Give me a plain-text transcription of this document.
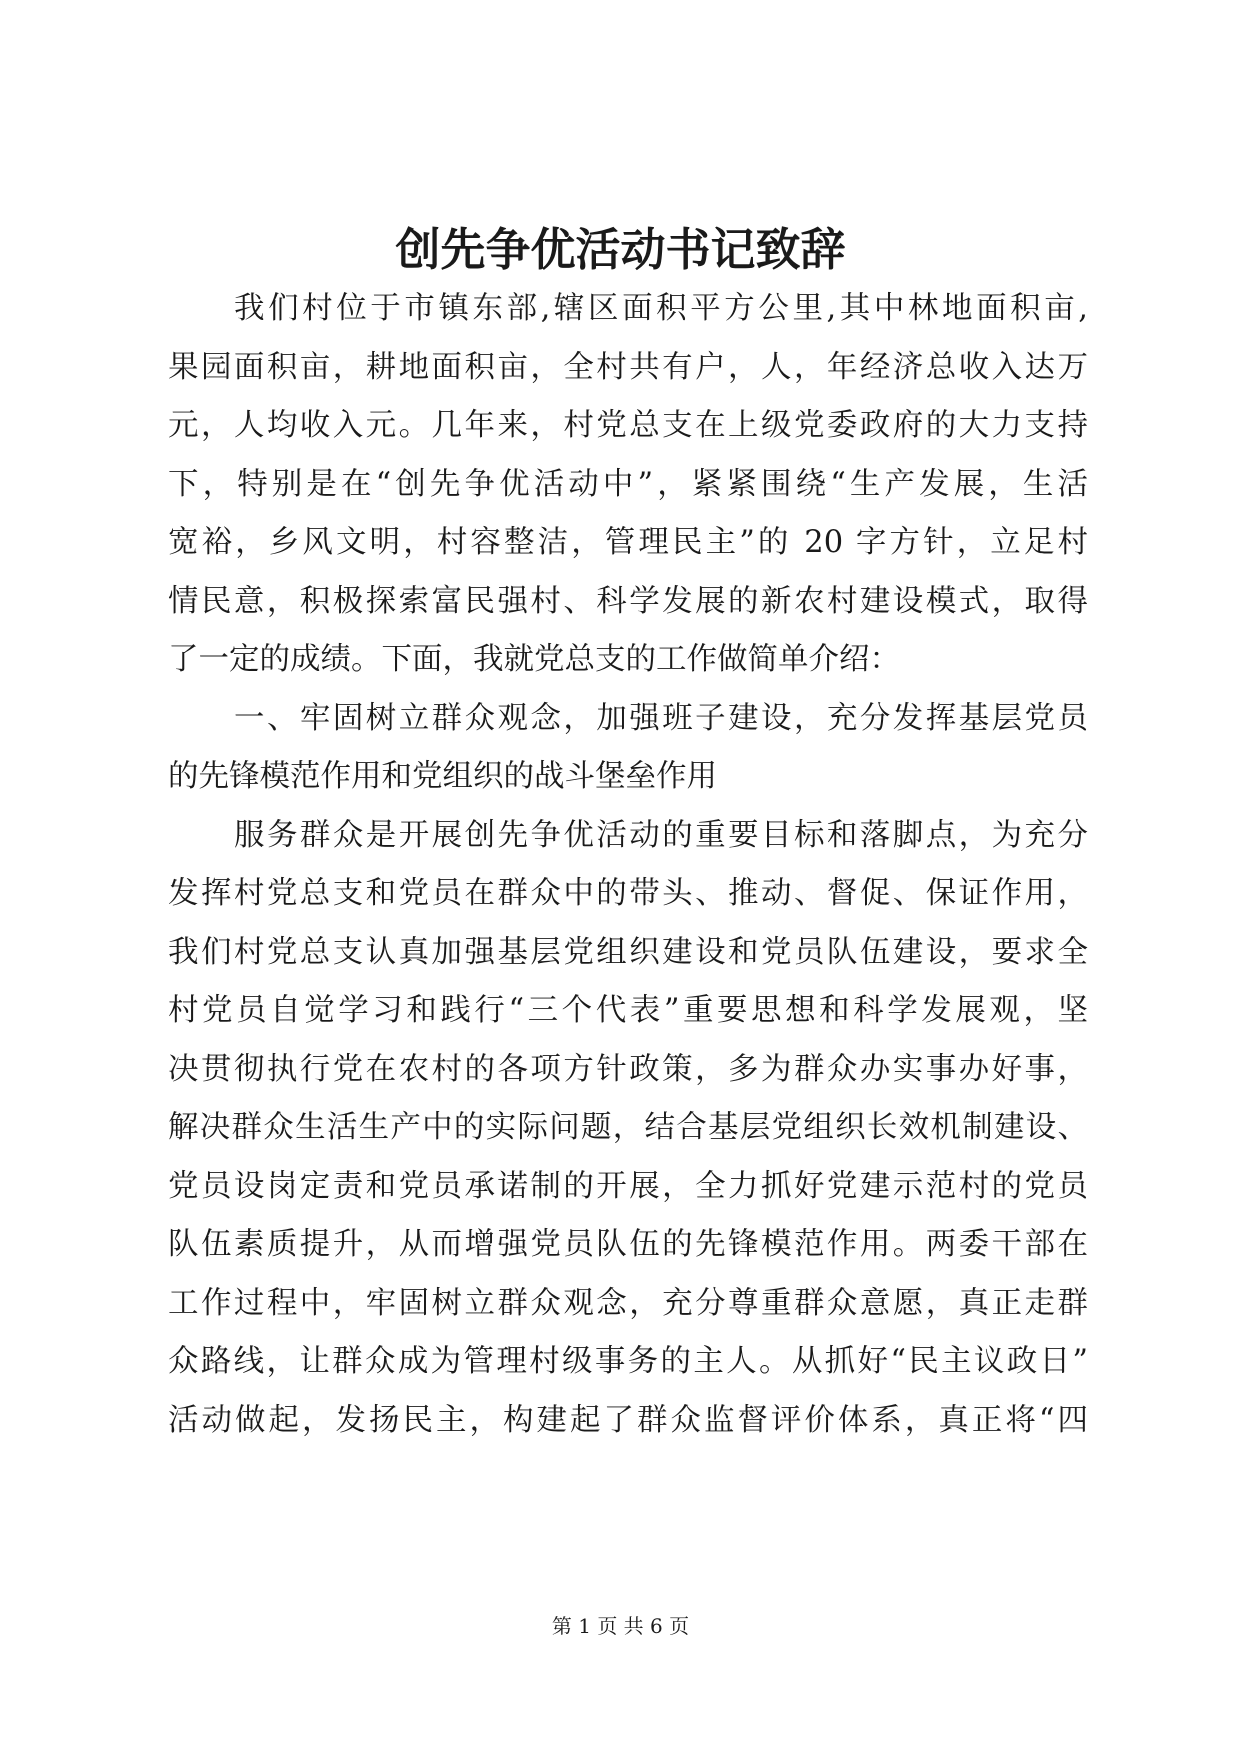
创先争优活动书记致辞
我们村位于市镇东部,辖区面积平方公里,其中林地面积亩,
果园面积亩，耕地面积亩，全村共有户，人，年经济总收入达万
元，人均收入元。几年来，村党总支在上级党委政府的大力支持
下，特别是在“创先争优活动中”，紧紧围绕“生产发展，生活
宽裕，乡风文明，村容整洁，管理民主”的 20 字方针，立足村
情民意，积极探索富民强村、科学发展的新农村建设模式，取得
了一定的成绩。下面，我就党总支的工作做简单介绍：
一、牢固树立群众观念，加强班子建设，充分发挥基层党员
的先锋模范作用和党组织的战斗堡垒作用
服务群众是开展创先争优活动的重要目标和落脚点，为充分
发挥村党总支和党员在群众中的带头、推动、督促、保证作用，
我们村党总支认真加强基层党组织建设和党员队伍建设，要求全
村党员自觉学习和践行“三个代表”重要思想和科学发展观，坚
决贯彻执行党在农村的各项方针政策，多为群众办实事办好事，
解决群众生活生产中的实际问题，结合基层党组织长效机制建设、
党员设岗定责和党员承诺制的开展，全力抓好党建示范村的党员
队伍素质提升，从而增强党员队伍的先锋模范作用。两委干部在
工作过程中，牢固树立群众观念，充分尊重群众意愿，真正走群
众路线，让群众成为管理村级事务的主人。从抓好“民主议政日”
活动做起，发扬民主，构建起了群众监督评价体系，真正将“四
第 1 页 共 6 页
